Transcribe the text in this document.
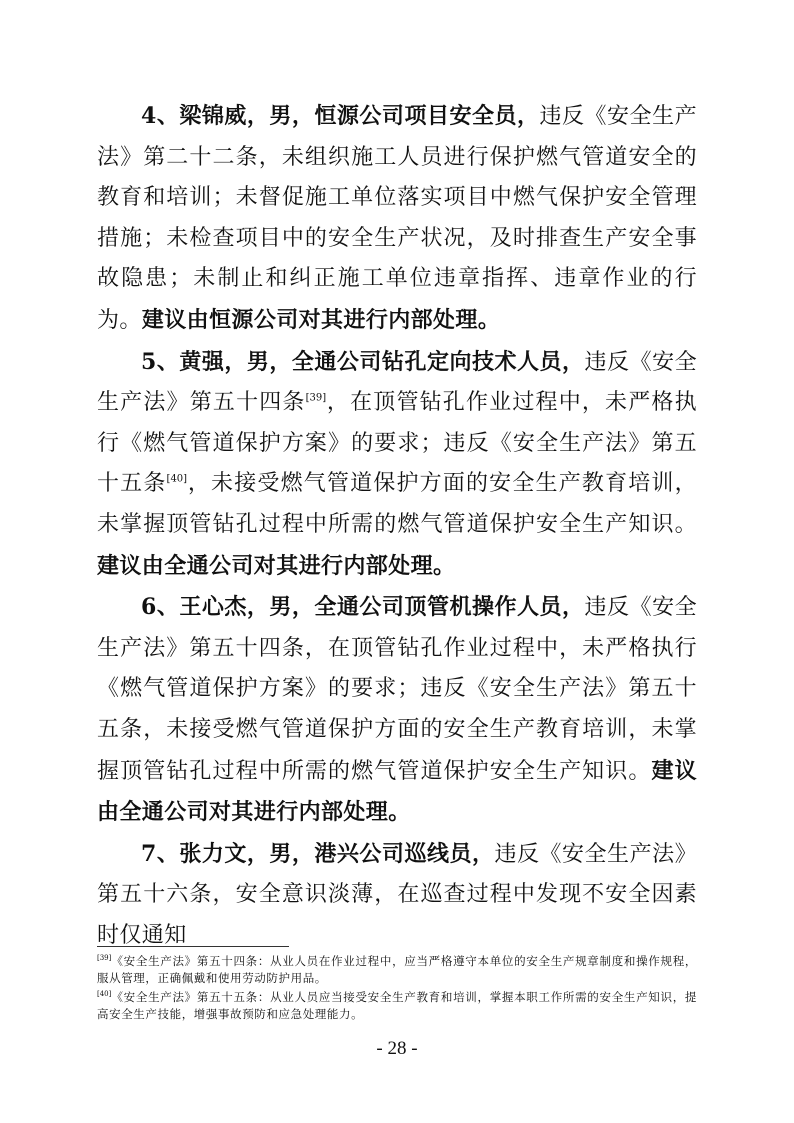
4、梁锦威，男，恒源公司项目安全员，违反《安全生产法》第二十二条，未组织施工人员进行保护燃气管道安全的教育和培训；未督促施工单位落实项目中燃气保护安全管理措施；未检查项目中的安全生产状况，及时排查生产安全事故隐患；未制止和纠正施工单位违章指挥、违章作业的行为。建议由恒源公司对其进行内部处理。

5、黄强，男，全通公司钻孔定向技术人员，违反《安全生产法》第五十四条[39]，在顶管钻孔作业过程中，未严格执行《燃气管道保护方案》的要求；违反《安全生产法》第五十五条[40]，未接受燃气管道保护方面的安全生产教育培训，未掌握顶管钻孔过程中所需的燃气管道保护安全生产知识。建议由全通公司对其进行内部处理。

6、王心杰，男，全通公司顶管机操作人员，违反《安全生产法》第五十四条，在顶管钻孔作业过程中，未严格执行《燃气管道保护方案》的要求；违反《安全生产法》第五十五条，未接受燃气管道保护方面的安全生产教育培训，未掌握顶管钻孔过程中所需的燃气管道保护安全生产知识。建议由全通公司对其进行内部处理。

7、张力文，男，港兴公司巡线员，违反《安全生产法》第五十六条，安全意识淡薄，在巡查过程中发现不安全因素时仅通知

[39]《安全生产法》第五十四条：从业人员在作业过程中，应当严格遵守本单位的安全生产规章制度和操作规程，服从管理，正确佩戴和使用劳动防护用品。

[40]《安全生产法》第五十五条：从业人员应当接受安全生产教育和培训，掌握本职工作所需的安全生产知识，提高安全生产技能，增强事故预防和应急处理能力。

- 28 -
